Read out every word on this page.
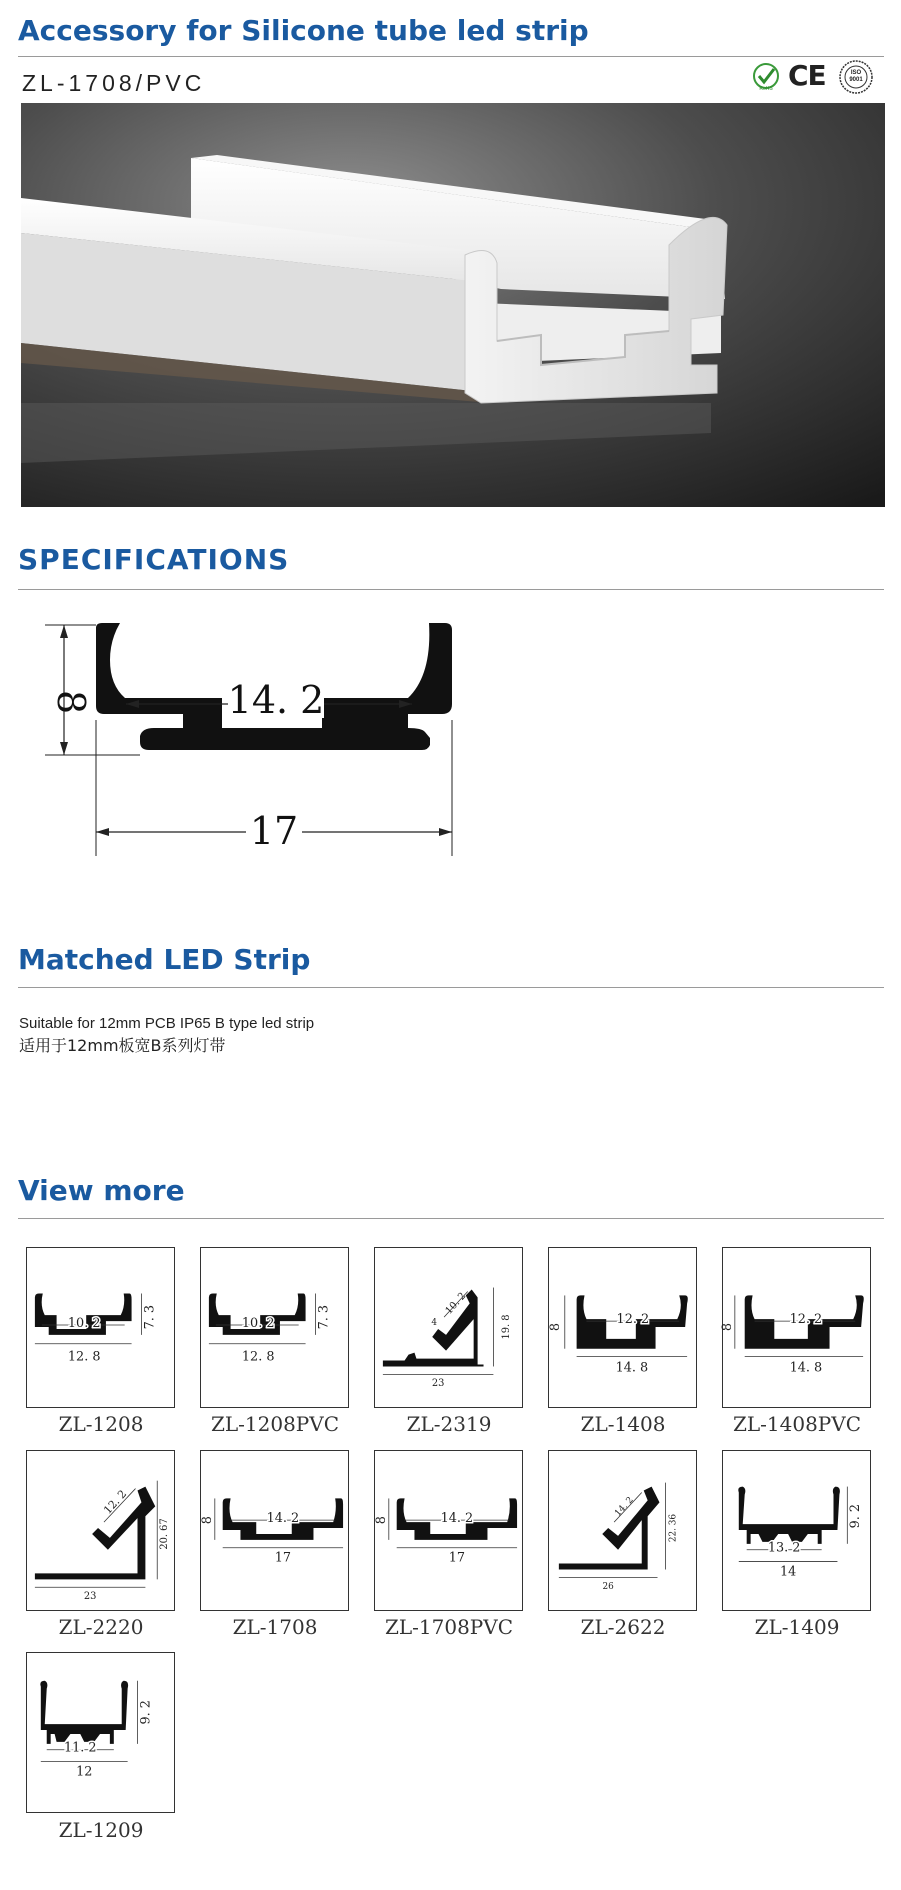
Accessory for Silicone tube led strip
ZL-1708/PVC	RoHS CE	ISO 9001
SPECIFICATIONS
8	14. 2
17
Matched LED Strip
Suitable for 12mm PCB IP65 B type led strip
适用于12mm板宽B系列灯带
View more
10. 2	7. 3
12. 8
ZL-1208
10. 2	7. 3
12. 8
ZL-1208PVC
10. 2
4	19. 8
23
ZL-2319
12. 2
8
14. 8
ZL-1408
12. 2
8
14. 8
ZL-1408PVC
12. 2
20. 67
23
ZL-2220
14. 2
8
17
ZL-1708
14. 2
8
17
ZL-1708PVC
14. 2
22. 36
26
ZL-2622
9. 2
13. 2
14
ZL-1409
9. 2
11. 2
12
ZL-1209
